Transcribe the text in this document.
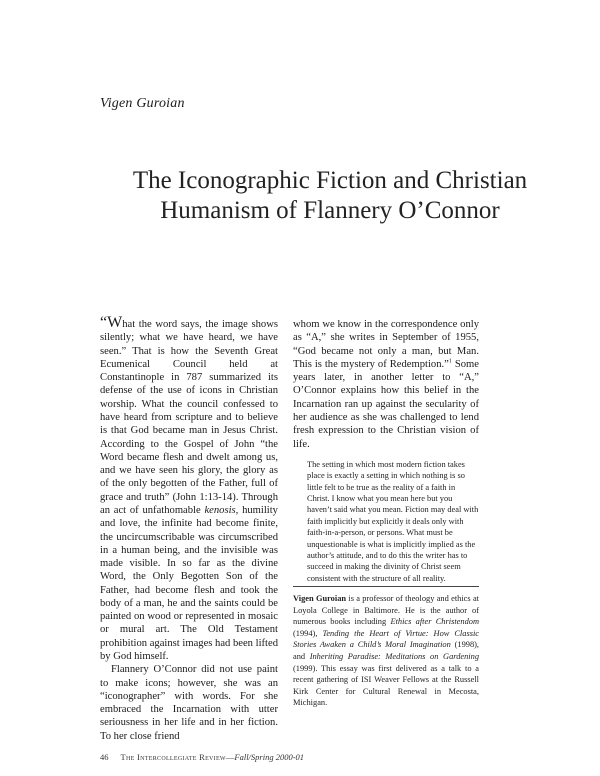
Vigen Guroian
The Iconographic Fiction and Christian
Humanism of Flannery O’Connor

“What the word says, the image shows silently; what we have heard, we have seen.” That is how the Seventh Great Ecumenical Council held at Constantinople in 787 summarized its defense of the use of icons in Christian worship. What the council confessed to have heard from scripture and to believe is that God became man in Jesus Christ. According to the Gospel of John “the Word became flesh and dwelt among us, and we have seen his glory, the glory as of the only begotten of the Father, full of grace and truth” (John 1:13-14). Through an act of unfathomable kenosis, humility and love, the infinite had become finite, the uncircumscribable was circumscribed in a human being, and the invisible was made visible. In so far as the divine Word, the Only Begotten Son of the Father, had become flesh and took the body of a man, he and the saints could be painted on wood or represented in mosaic or mural art. The Old Testament prohibition against images had been lifted by God himself.

Flannery O’Connor did not use paint to make icons; however, she was an “iconographer” with words. For she embraced the Incarnation with utter seriousness in her life and in her fiction. To her close friend

whom we know in the correspondence only as “A,” she writes in September of 1955, “God became not only a man, but Man. This is the mystery of Redemption.”$^1$ Some years later, in another letter to “A,” O’Connor explains how this belief in the Incarnation ran up against the secularity of her audience as she was challenged to lend fresh expression to the Christian vision of life.

The setting in which most modern fiction takes place is exactly a setting in which nothing is so little felt to be true as the reality of a faith in Christ. I know what you mean here but you haven’t said what you mean. Fiction may deal with faith implicitly but explicitly it deals only with faith-in-a-person, or persons. What must be unquestionable is what is implicitly implied as the author’s attitude, and to do this the writer has to succeed in making the divinity of Christ seem consistent with the structure of all reality.
Vigen Guroian is a professor of theology and ethics at Loyola College in Baltimore. He is the author of numerous books including Ethics after Christendom (1994), Tending the Heart of Virtue: How Classic Stories Awaken a Child’s Moral Imagination (1998), and Inheriting Paradise: Meditations on Gardening (1999). This essay was first delivered as a talk to a recent gathering of ISI Weaver Fellows at the Russell Kirk Center for Cultural Renewal in Mecosta, Michigan.
46 The Intercollegiate Review—Fall/Spring 2000-01
